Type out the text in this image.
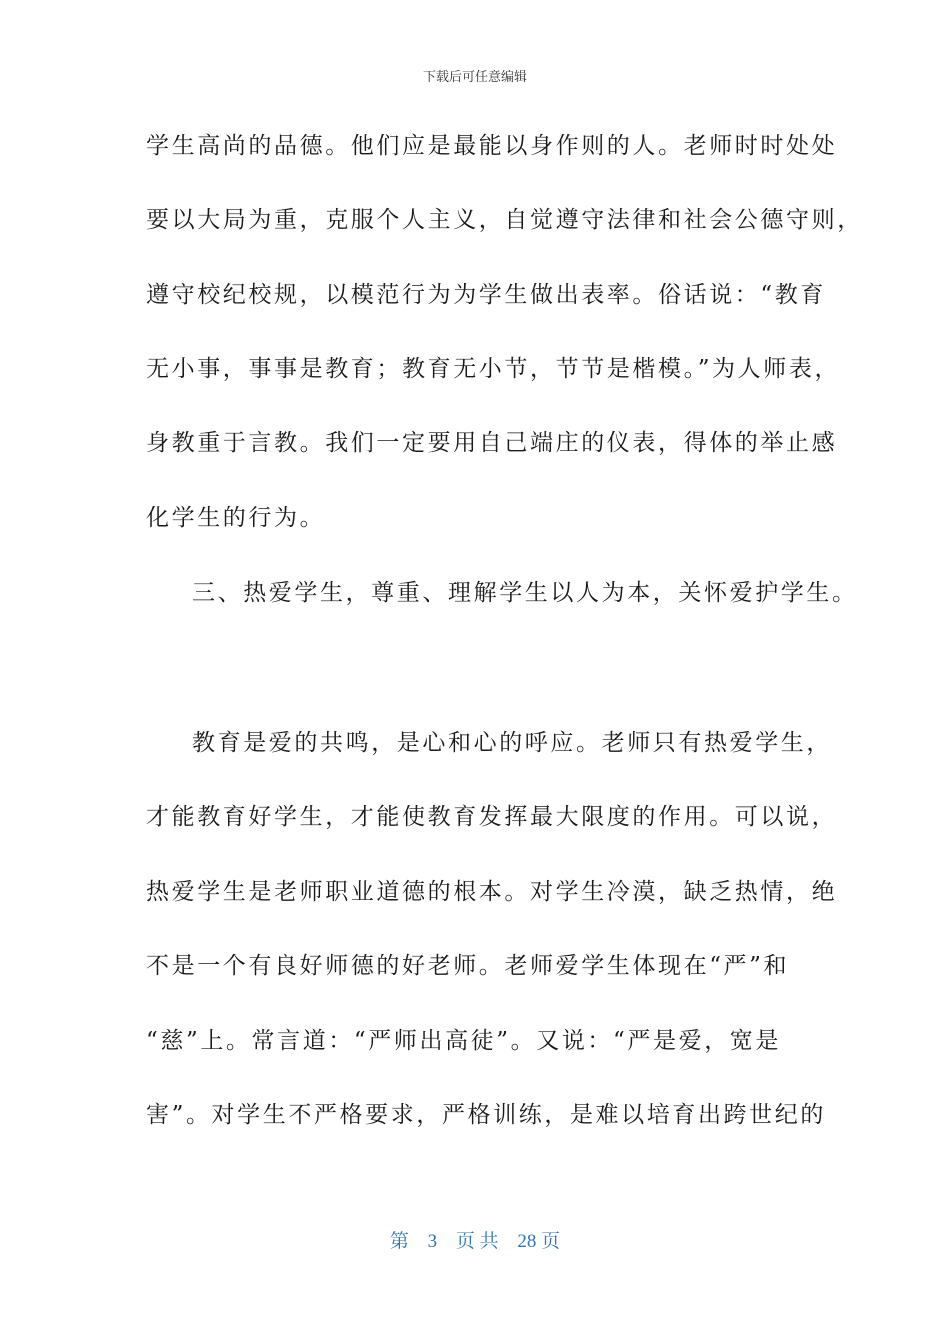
下载后可任意编辑
学生高尚的品德。他们应是最能以身作则的人。老师时时处处
要以大局为重，克服个人主义，自觉遵守法律和社会公德守则，
遵守校纪校规，以模范行为为学生做出表率。俗话说：“教育
无小事，事事是教育；教育无小节，节节是楷模。”为人师表，
身教重于言教。我们一定要用自己端庄的仪表，得体的举止感
化学生的行为。
三、热爱学生，尊重、理解学生以人为本，关怀爱护学生。
教育是爱的共鸣，是心和心的呼应。老师只有热爱学生，
才能教育好学生，才能使教育发挥最大限度的作用。可以说，
热爱学生是老师职业道德的根本。对学生冷漠，缺乏热情，绝
不是一个有良好师德的好老师。老师爱学生体现在“严”和
“慈”上。常言道：“严师出高徒”。又说：“严是爱，宽是
害”。对学生不严格要求，严格训练，是难以培育出跨世纪的
第 3 页 共 28 页
